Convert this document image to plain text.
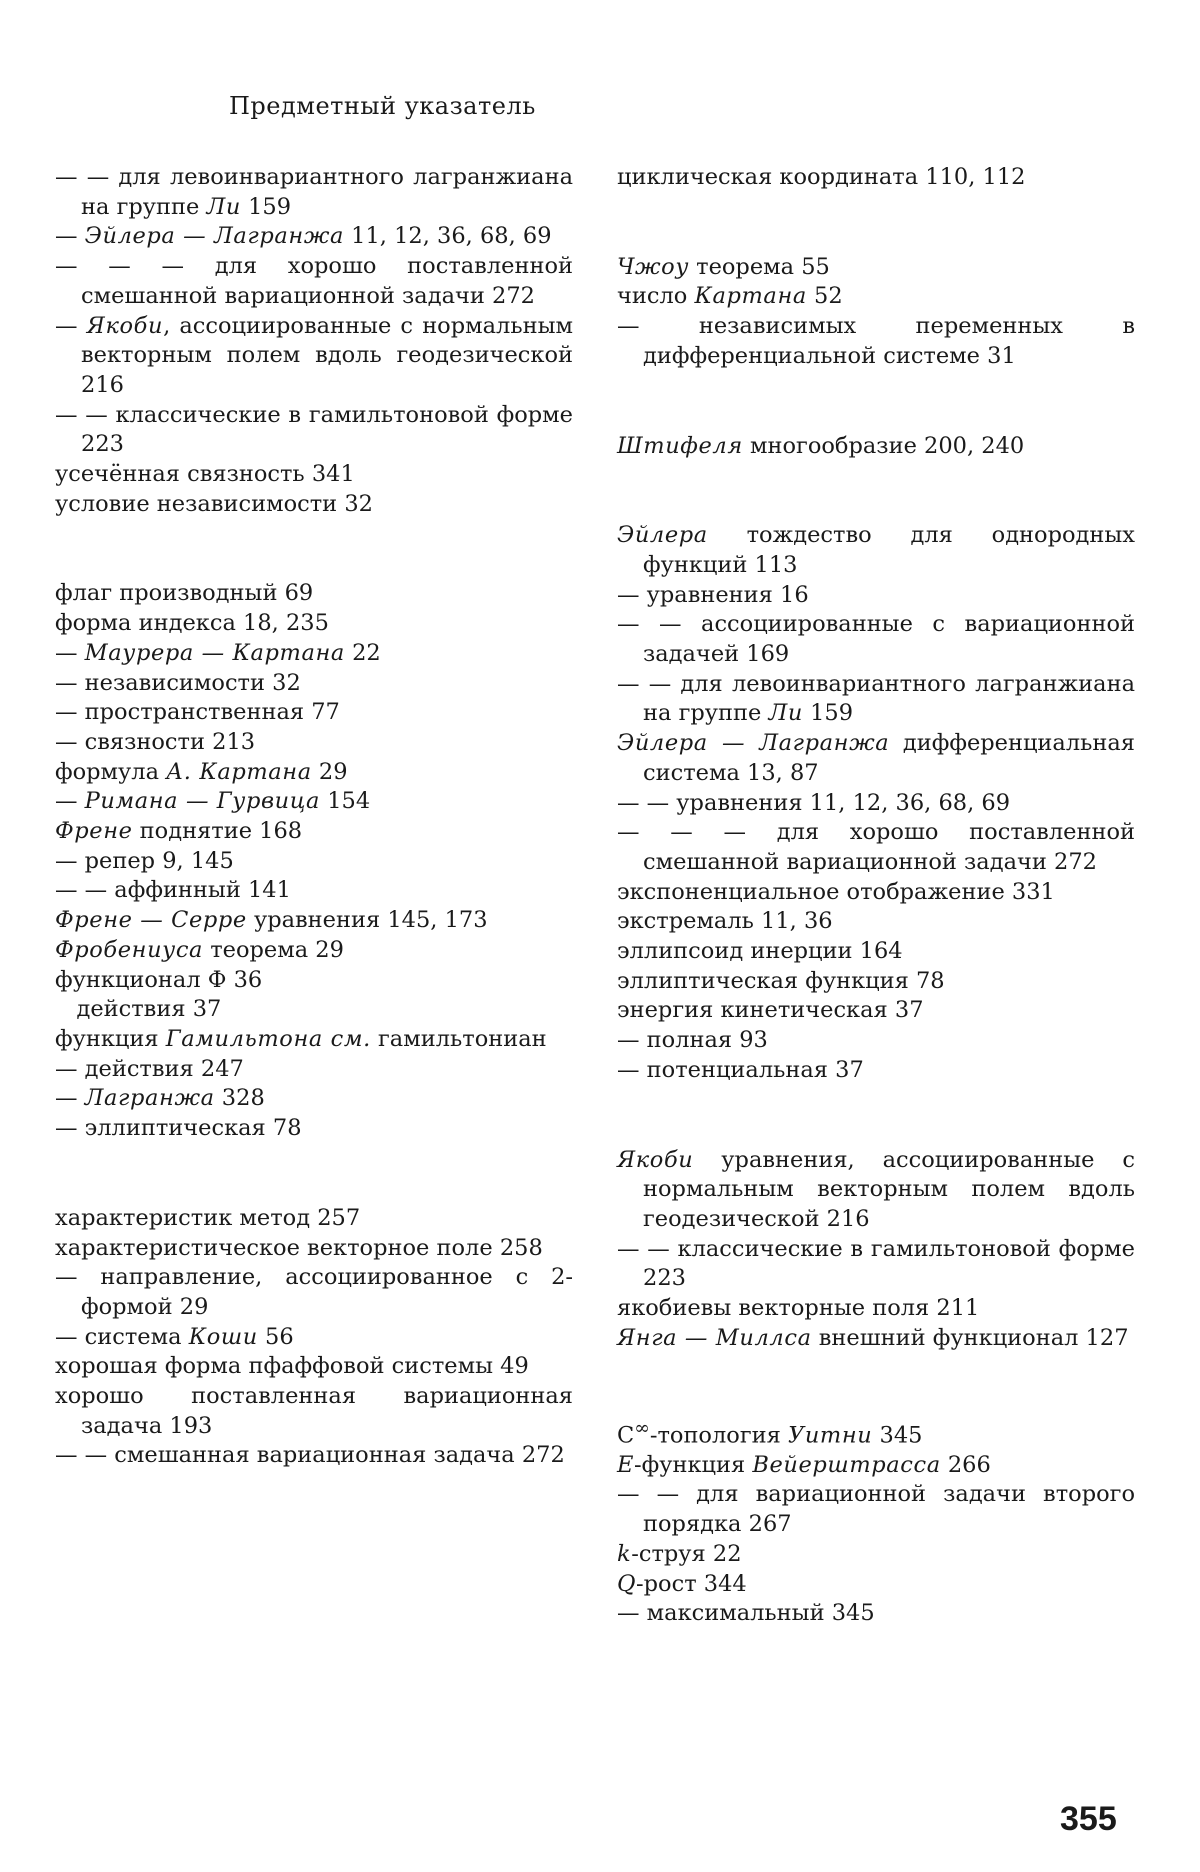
Предметный указатель
— — для левоинвариантного лагранжиана на группе Ли 159
— Эйлера — Лагранжа 11, 12, 36, 68, 69
— — — для хорошо поставленной смешанной вариационной задачи 272
— Якоби, ассоциированные с нормальным векторным полем вдоль геодезической 216
— — классические в гамильтоновой форме 223
усечённая связность 341
условие независимости 32
флаг производный 69
форма индекса 18, 235
— Маурера — Картана 22
— независимости 32
— пространственная 77
— связности 213
формула А. Картана 29
— Римана — Гурвица 154
Френе поднятие 168
— репер 9, 145
— — аффинный 141
Френе — Серре уравнения 145, 173
Фробениуса теорема 29
функционал Ф 36
действия 37
функция Гамильтона см. гамильтониан
— действия 247
— Лагранжа 328
— эллиптическая 78
характеристик метод 257
характеристическое векторное поле 258
— направление, ассоциированное с 2-формой 29
— система Коши 56
хорошая форма пфаффовой системы 49
хорошо поставленная вариационная задача 193
— — смешанная вариационная задача 272
циклическая координата 110, 112
Чжоу теорема 55
число Картана 52
— независимых переменных в дифференциальной системе 31
Штифеля многообразие 200, 240
Эйлера тождество для однородных функций 113
— уравнения 16
— — ассоциированные с вариационной задачей 169
— — для левоинвариантного лагранжиана на группе Ли 159
Эйлера — Лагранжа дифференциальная система 13, 87
— — уравнения 11, 12, 36, 68, 69
— — — для хорошо поставленной смешанной вариационной задачи 272
экспоненциальное отображение 331
экстремаль 11, 36
эллипсоид инерции 164
эллиптическая функция 78
энергия кинетическая 37
— полная 93
— потенциальная 37
Якоби уравнения, ассоциированные с нормальным векторным полем вдоль геодезической 216
— — классические в гамильтоновой форме 223
якобиевы векторные поля 211
Янга — Миллса внешний функционал 127
C∞-топология Уитни 345
E-функция Вейерштрасса 266
— — для вариационной задачи второго порядка 267
k-струя 22
Q-рост 344
— максимальный 345
355
